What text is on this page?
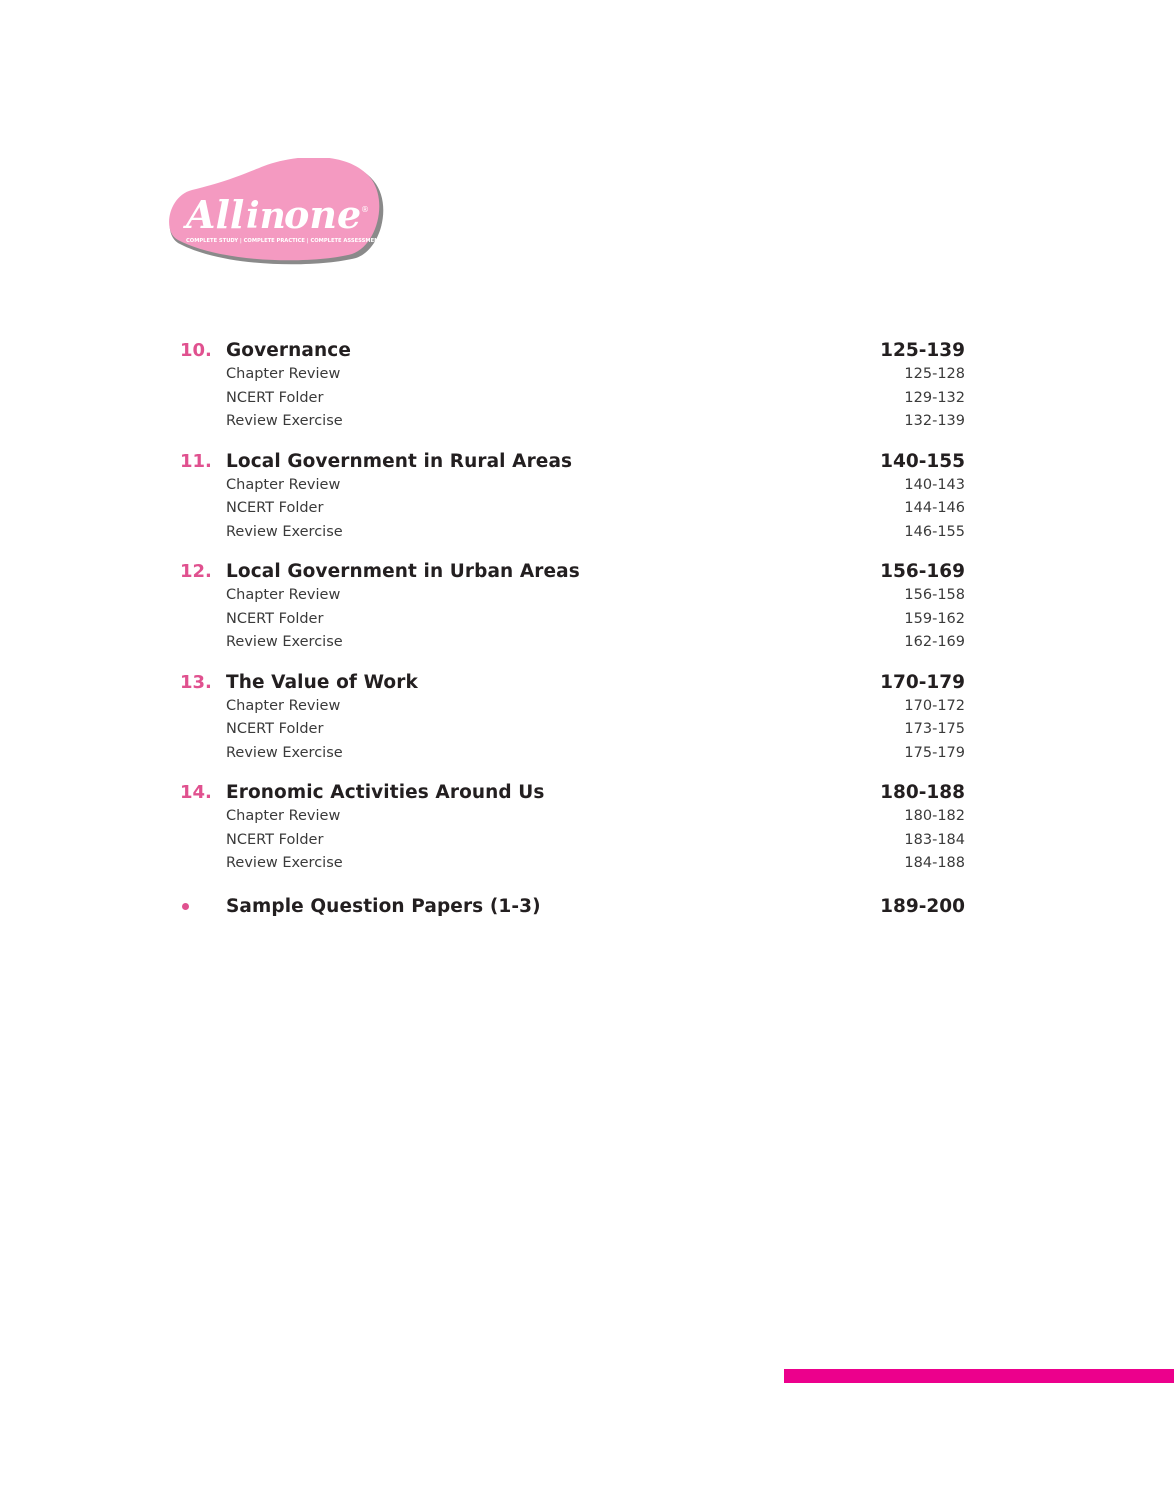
All in
one ®
COMPLETE STUDY | COMPLETE PRACTICE | COMPLETE ASSESSMENT
10. Governance	125-139
Chapter Review	125-128
NCERT Folder	129-132
Review Exercise	132-139
11. Local Government in Rural Areas	140-155
Chapter Review	140-143
NCERT Folder	144-146
Review Exercise	146-155
12. Local Government in Urban Areas	156-169
Chapter Review	156-158
NCERT Folder	159-162
Review Exercise	162-169
13. The Value of Work	170-179
Chapter Review	170-172
NCERT Folder	173-175
Review Exercise	175-179
14. Eronomic Activities Around Us	180-188
Chapter Review	180-182
NCERT Folder	183-184
Review Exercise	184-188
Sample Question Papers (1-3)	189-200
